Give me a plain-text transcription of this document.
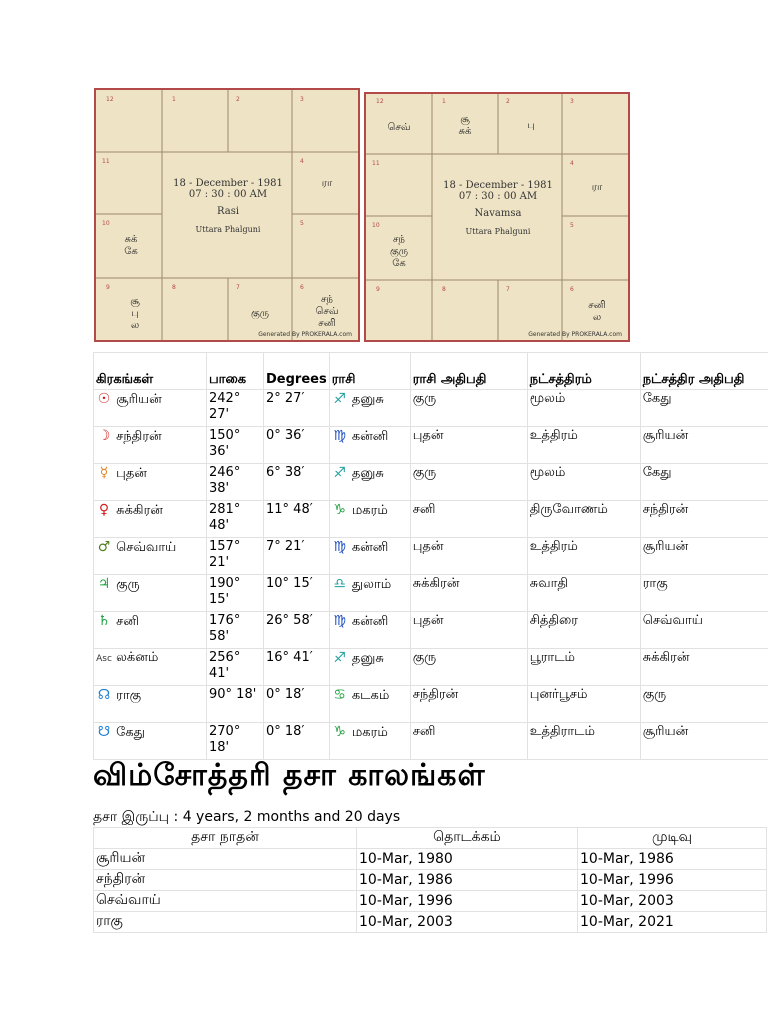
12	1	2	3
11	4
10	5
9	8	7	6
18 - December - 1981
07 : 30 : 00 AM
Rasi
Uttara Phalguni
ரா
சுக்
கே
சூ
பு
ல
குரு
சந்
செவ்
சனி
Generated By PROKERALA.com
12	1	2	3
11	4
10	5
9	8	7	6
18 - December - 1981
07 : 30 : 00 AM
Navamsa
Uttara Phalguni
செவ்
சூ
சுக்
பு
ரா
சந்
குரு
கே
சனி
ல
Generated By PROKERALA.com
கிரகங்கள்	பாகை	Degrees	ராசி	ராசி அதிபதி	நட்சத்திரம்	நட்சத்திர அதிபதி
☉ சூரியன்	242° 27'	2° 27′	♐ தனுசு	குரு	மூலம்	கேது
☽ சந்திரன்	150° 36'	0° 36′	♍ கன்னி	புதன்	உத்திரம்	சூரியன்
☿ புதன்	246° 38'	6° 38′	♐ தனுசு	குரு	மூலம்	கேது
♀ சுக்கிரன்	281° 48'	11° 48′	♑ மகரம்	சனி	திருவோணம்	சந்திரன்
♂ செவ்வாய்	157° 21'	7° 21′	♍ கன்னி	புதன்	உத்திரம்	சூரியன்
♃ குரு	190° 15'	10° 15′	♎ துலாம்	சுக்கிரன்	சுவாதி	ராகு
♄ சனி	176° 58'	26° 58′	♍ கன்னி	புதன்	சித்திரை	செவ்வாய்
Asc லக்னம்	256° 41'	16° 41′	♐ தனுசு	குரு	பூராடம்	சுக்கிரன்
☊ ராகு	90° 18'	0° 18′	♋ கடகம்	சந்திரன்	புனர்பூசம்	குரு
☋ கேது	270° 18'	0° 18′	♑ மகரம்	சனி	உத்திராடம்	சூரியன்
விம்சோத்தரி தசா காலங்கள்
தசா இருப்பு : 4 years, 2 months and 20 days
தசா நாதன்	தொடக்கம்	முடிவு
சூரியன்	10-Mar, 1980	10-Mar, 1986
சந்திரன்	10-Mar, 1986	10-Mar, 1996
செவ்வாய்	10-Mar, 1996	10-Mar, 2003
ராகு	10-Mar, 2003	10-Mar, 2021
